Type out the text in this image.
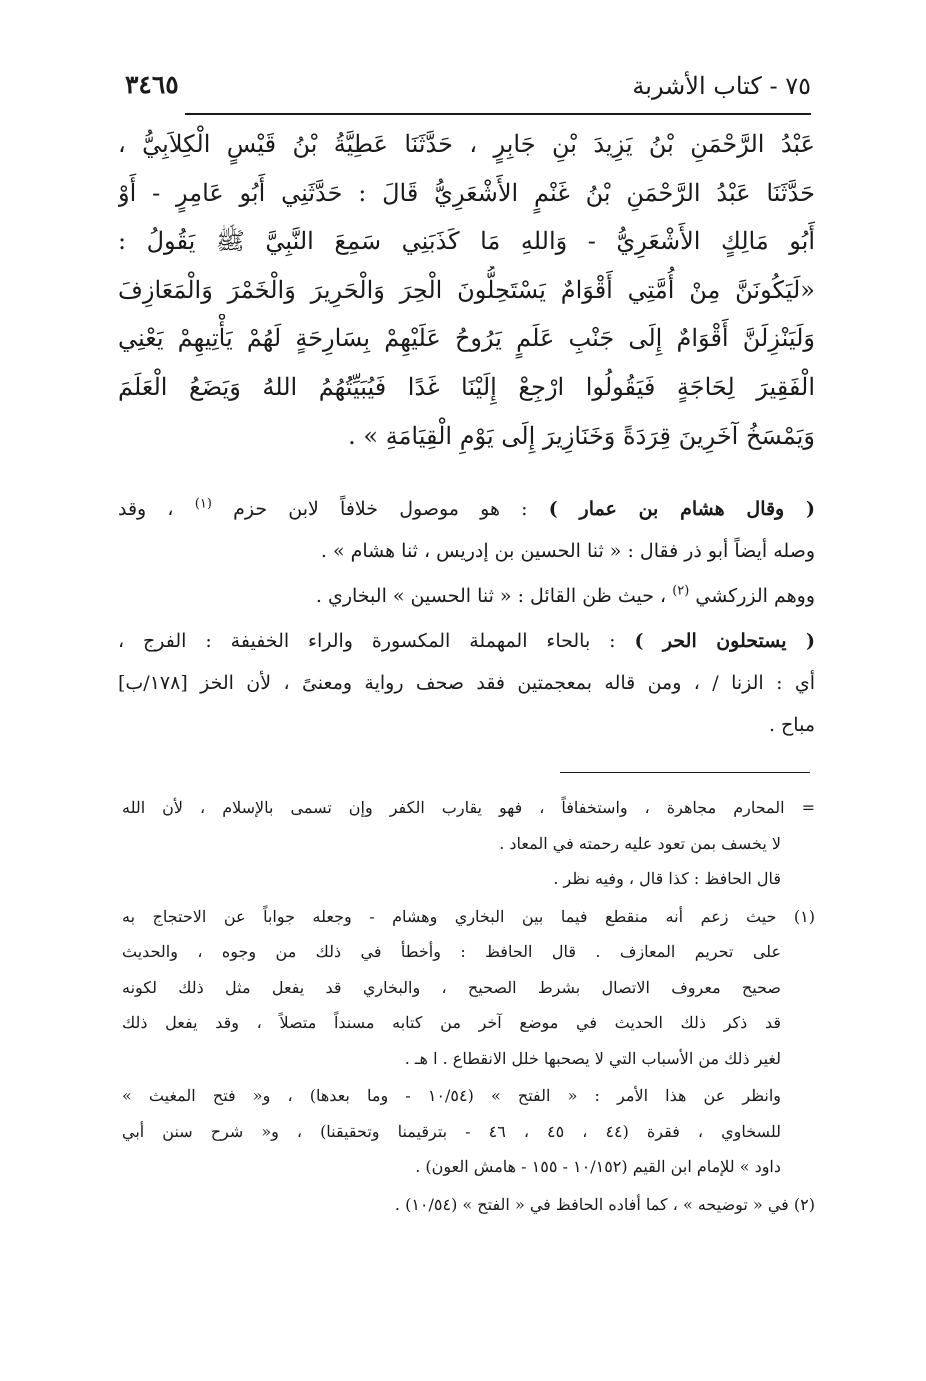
٧٥ - كتاب الأشربة
٣٤٦٥
عَبْدُ الرَّحْمَنِ بْنُ يَزِيدَ بْنِ جَابِرٍ ، حَدَّثَنَا عَطِيَّةُ بْنُ قَيْسٍ الْكِلاَبِيُّ ،
حَدَّثَنَا عَبْدُ الرَّحْمَنِ بْنُ غَنْمٍ الأَشْعَرِيُّ قَالَ : حَدَّثَنِي أَبُو عَامِرٍ - أَوْ
أَبُو مَالِكٍ الأَشْعَرِيُّ - وَاللهِ مَا كَذَبَنِي سَمِعَ النَّبِيَّ ﷺ يَقُولُ :
«لَيَكُونَنَّ مِنْ أُمَّتِي أَقْوَامٌ يَسْتَحِلُّونَ الْحِرَ وَالْحَرِيرَ وَالْخَمْرَ وَالْمَعَازِفَ
وَلَيَنْزِلَنَّ أَقْوَامٌ إِلَى جَنْبِ عَلَمٍ يَرُوحُ عَلَيْهِمْ بِسَارِحَةٍ لَهُمْ يَأْتِيهِمْ يَعْنِي
الْفَقِيرَ لِحَاجَةٍ فَيَقُولُوا ارْجِعْ إِلَيْنَا غَدًا فَيُبَيِّتُهُمُ اللهُ وَيَضَعُ الْعَلَمَ
وَيَمْسَخُ آخَرِينَ قِرَدَةً وَخَنَازِيرَ إِلَى يَوْمِ الْقِيَامَةِ » .
( وقال هشام بن عمار ) : هو موصول خلافاً لابن حزم $^{(١)}$ ، وقد
وصله أيضاً أبو ذر فقال : « ثنا الحسين بن إدريس ، ثنا هشام » .
ووهم الزركشي $^{(٢)}$ ، حيث ظن القائل : « ثنا الحسين » البخاري .
( يستحلون الحر ) : بالحاء المهملة المكسورة والراء الخفيفة : الفرج ،
أي : الزنا / ، ومن قاله بمعجمتين فقد صحف رواية ومعنىً ، لأن الخز [١٧٨/ب]
مباح .
= المحارم مجاهرة ، واستخفافاً ، فهو يقارب الكفر وإن تسمى بالإسلام ، لأن الله
لا يخسف بمن تعود عليه رحمته في المعاد .
قال الحافظ : كذا قال ، وفيه نظر .
(١) حيث زعم أنه منقطع فيما بين البخاري وهشام - وجعله جواباً عن الاحتجاج به
على تحريم المعازف . قال الحافظ : وأخطأ في ذلك من وجوه ، والحديث
صحيح معروف الاتصال بشرط الصحيح ، والبخاري قد يفعل مثل ذلك لكونه
قد ذكر ذلك الحديث في موضع آخر من كتابه مسنداً متصلاً ، وقد يفعل ذلك
لغير ذلك من الأسباب التي لا يصحبها خلل الانقطاع . ا هـ .
وانظر عن هذا الأمر : « الفتح » (١٠/٥٤ - وما بعدها) ، و« فتح المغيث »
للسخاوي ، فقرة (٤٤ ، ٤٥ ، ٤٦ - بترقيمنا وتحقيقنا) ، و« شرح سنن أبي
داود » للإمام ابن القيم (١٠/١٥٢ - ١٥٥ - هامش العون) .
(٢) في « توضيحه » ، كما أفاده الحافظ في « الفتح » (١٠/٥٤) .
